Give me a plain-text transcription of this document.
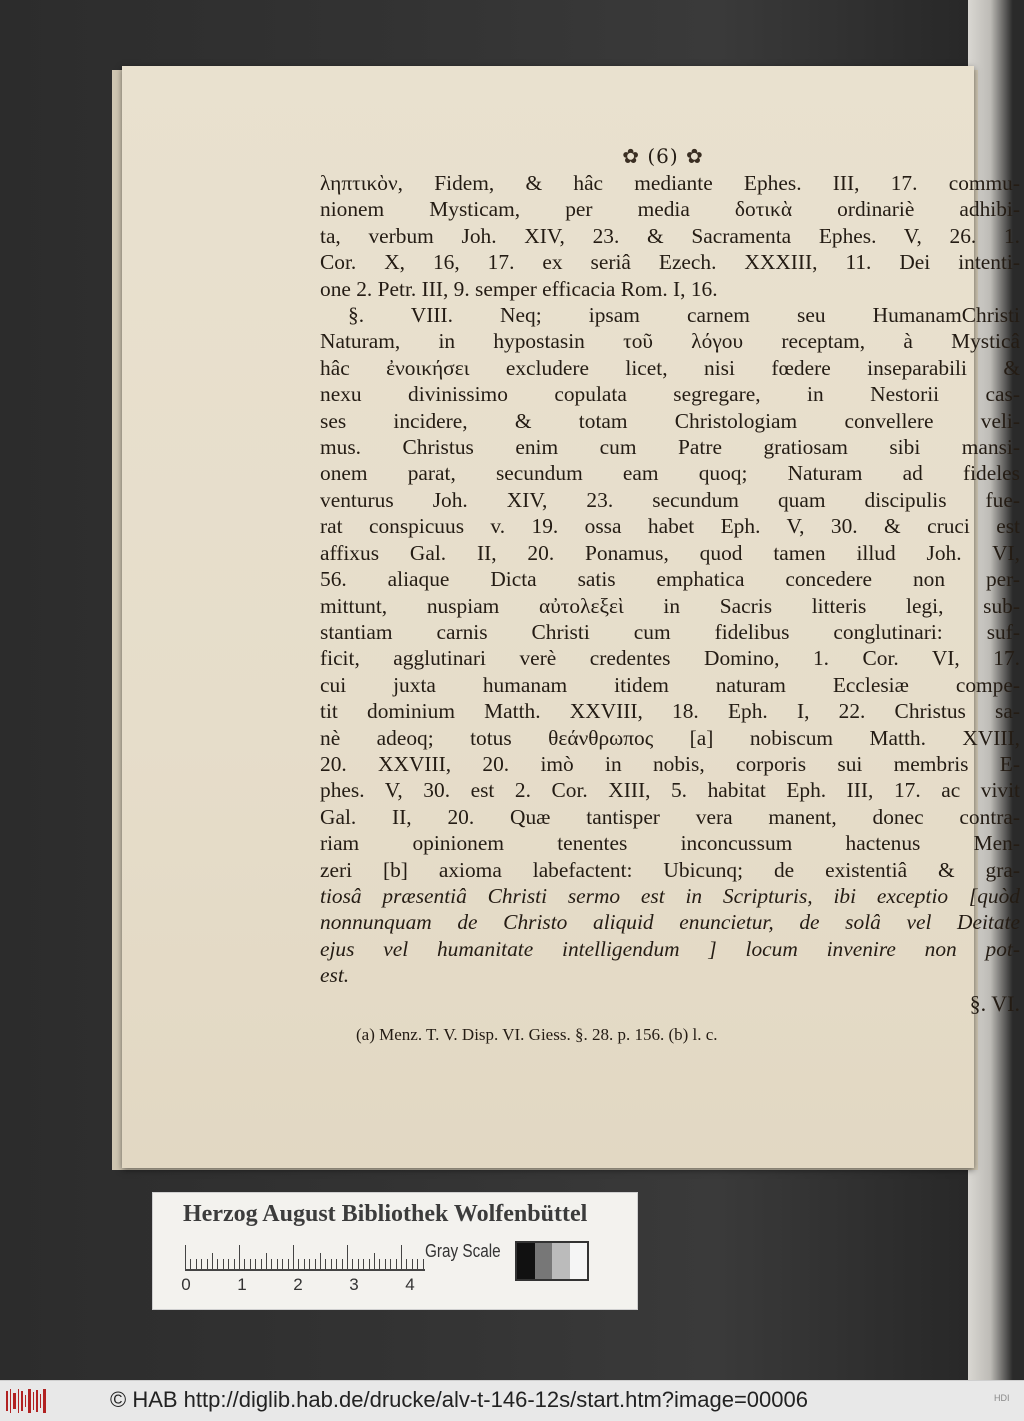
✿ (6) ✿
ληπτικὸν, Fidem, & hâc mediante Ephes. III, 17. commu-
nionem Mysticam, per media δοτικὰ ordinariè adhibi-
ta, verbum Joh. XIV, 23. & Sacramenta Ephes. V, 26. 1.
Cor. X, 16, 17. ex seriâ Ezech. XXXIII, 11. Dei intenti-
one 2. Petr. III, 9. semper efficacia Rom. I, 16.
§. VIII. Neq; ipsam carnem seu HumanamChristi
Naturam, in hypostasin τοῦ λόγου receptam, à Mysticâ
hâc ἐνοικήσει excludere licet, nisi fœdere inseparabili &
nexu divinissimo copulata segregare, in Nestorii cas-
ses incidere, & totam Christologiam convellere veli-
mus. Christus enim cum Patre gratiosam sibi mansi-
onem parat, secundum eam quoq; Naturam ad fideles
venturus Joh. XIV, 23. secundum quam discipulis fue-
rat conspicuus v. 19. ossa habet Eph. V, 30. & cruci est
affixus Gal. II, 20. Ponamus, quod tamen illud Joh. VI,
56. aliaque Dicta satis emphatica concedere non per-
mittunt, nuspiam αὐτολεξεὶ in Sacris litteris legi, sub-
stantiam carnis Christi cum fidelibus conglutinari: suf-
ficit, agglutinari verè credentes Domino, 1. Cor. VI, 17.
cui juxta humanam itidem naturam Ecclesiæ compe-
tit dominium Matth. XXVIII, 18. Eph. I, 22. Christus sa-
nè adeoq; totus θεάνθρωπος [a] nobiscum Matth. XVIII,
20. XXVIII, 20. imò in nobis, corporis sui membris E-
phes. V, 30. est 2. Cor. XIII, 5. habitat Eph. III, 17. ac vivit
Gal. II, 20. Quæ tantisper vera manent, donec contra-
riam opinionem tenentes inconcussum hactenus Men-
zeri [b] axioma labefactent: Ubicunq; de existentiâ & gra-
tiosâ præsentiâ Christi sermo est in Scripturis, ibi exceptio [quòd
nonnunquam de Christo aliquid enuncietur, de solâ vel Deitate
ejus vel humanitate intelligendum ] locum invenire non pot-
est.
§. VI.
(a) Menz. T. V. Disp. VI. Giess. §. 28. p. 156. (b) l. c.
Herzog August Bibliothek Wolfenbüttel
0	1	2	3	4
Gray Scale
© HAB http://diglib.hab.de/drucke/alv-t-146-12s/start.htm?image=00006	HDI
